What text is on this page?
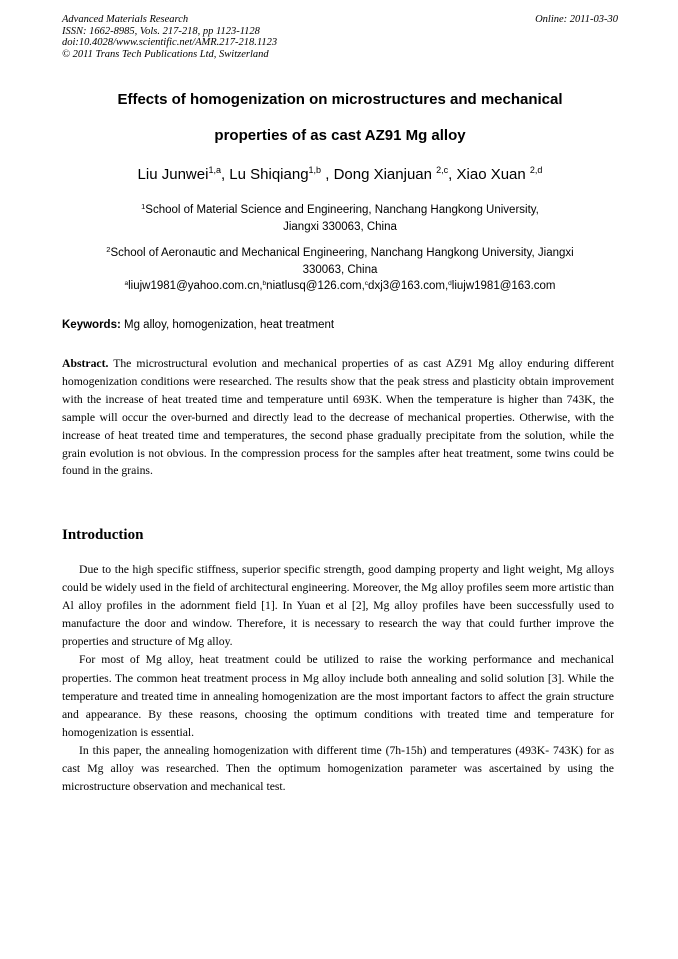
Advanced Materials Research
ISSN: 1662-8985, Vols. 217-218, pp 1123-1128
doi:10.4028/www.scientific.net/AMR.217-218.1123
© 2011 Trans Tech Publications Ltd, Switzerland
Online: 2011-03-30
Effects of homogenization on microstructures and mechanical
properties of as cast AZ91 Mg alloy
Liu Junwei$^{1,a}$, Lu Shiqiang$^{1,b}$ , Dong Xianjuan $^{2,c}$, Xiao Xuan $^{2,d}$
$^1$School of Material Science and Engineering, Nanchang Hangkong University,
Jiangxi 330063, China
$^2$School of Aeronautic and Mechanical Engineering, Nanchang Hangkong University, Jiangxi
330063, China
$^a$liujw1981@yahoo.com.cn,$^b$niatlusq@126.com,$^c$dxj3@163.com,$^d$liujw1981@163.com
Keywords: Mg alloy, homogenization, heat treatment
Abstract. The microstructural evolution and mechanical properties of as cast AZ91 Mg alloy enduring different homogenization conditions were researched. The results show that the peak stress and plasticity obtain improvement with the increase of heat treated time and temperature until 693K. When the temperature is higher than 743K, the sample will occur the over-burned and directly lead to the decrease of mechanical properties. Otherwise, with the increase of heat treated time and temperatures, the second phase gradually precipitate from the solution, while the grain evolution is not obvious. In the compression process for the samples after heat treatment, some twins could be found in the grains.
Introduction

Due to the high specific stiffness, superior specific strength, good damping property and light weight, Mg alloys could be widely used in the field of architectural engineering. Moreover, the Mg alloy profiles seem more artistic than Al alloy profiles in the adornment field [1]. In Yuan et al [2], Mg alloy profiles have been successfully used to manufacture the door and window. Therefore, it is necessary to research the way that could further improve the properties and structure of Mg alloy.

For most of Mg alloy, heat treatment could be utilized to raise the working performance and mechanical properties. The common heat treatment process in Mg alloy include both annealing and solid solution [3]. While the temperature and treated time in annealing homogenization are the most important factors to affect the grain structure and appearance. By these reasons, choosing the optimum conditions with treated time and temperature for homogenization is essential.

In this paper, the annealing homogenization with different time (7h-15h) and temperatures (493K- 743K) for as cast Mg alloy was researched. Then the optimum homogenization parameter was ascertained by using the microstructure observation and mechanical test.
